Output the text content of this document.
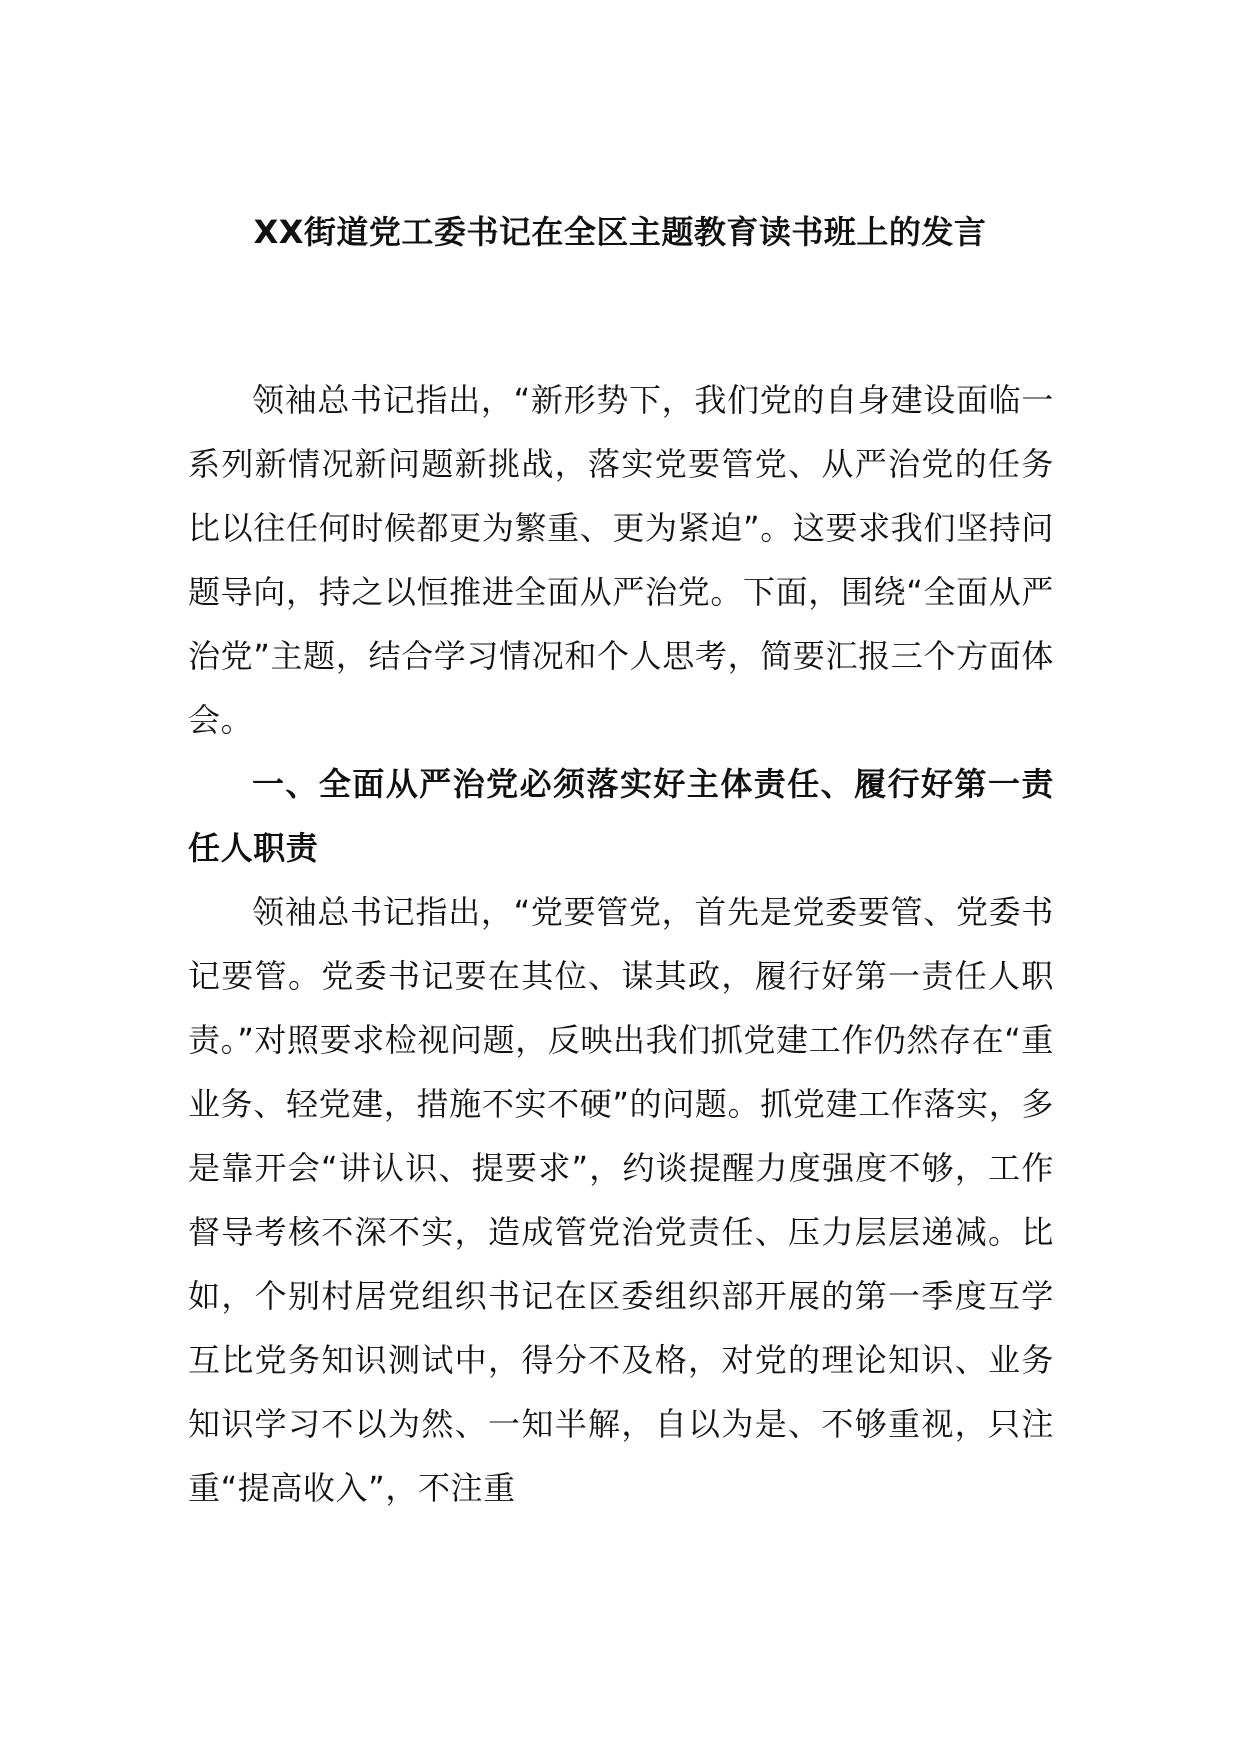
XX街道党工委书记在全区主题教育读书班上的发言

领袖总书记指出，“新形势下，我们党的自身建设面临一系列新情况新问题新挑战，落实党要管党、从严治党的任务比以往任何时候都更为繁重、更为紧迫”。这要求我们坚持问题导向，持之以恒推进全面从严治党。下面，围绕“全面从严治党”主题，结合学习情况和个人思考，简要汇报三个方面体会。

一、全面从严治党必须落实好主体责任、履行好第一责任人职责

领袖总书记指出，“党要管党，首先是党委要管、党委书记要管。党委书记要在其位、谋其政，履行好第一责任人职责。”对照要求检视问题，反映出我们抓党建工作仍然存在“重业务、轻党建，措施不实不硬”的问题。抓党建工作落实，多是靠开会“讲认识、提要求”，约谈提醒力度强度不够，工作督导考核不深不实，造成管党治党责任、压力层层递减。比如，个别村居党组织书记在区委组织部开展的第一季度互学互比党务知识测试中，得分不及格，对党的理论知识、业务知识学习不以为然、一知半解，自以为是、不够重视，只注重“提高收入”，不注重
